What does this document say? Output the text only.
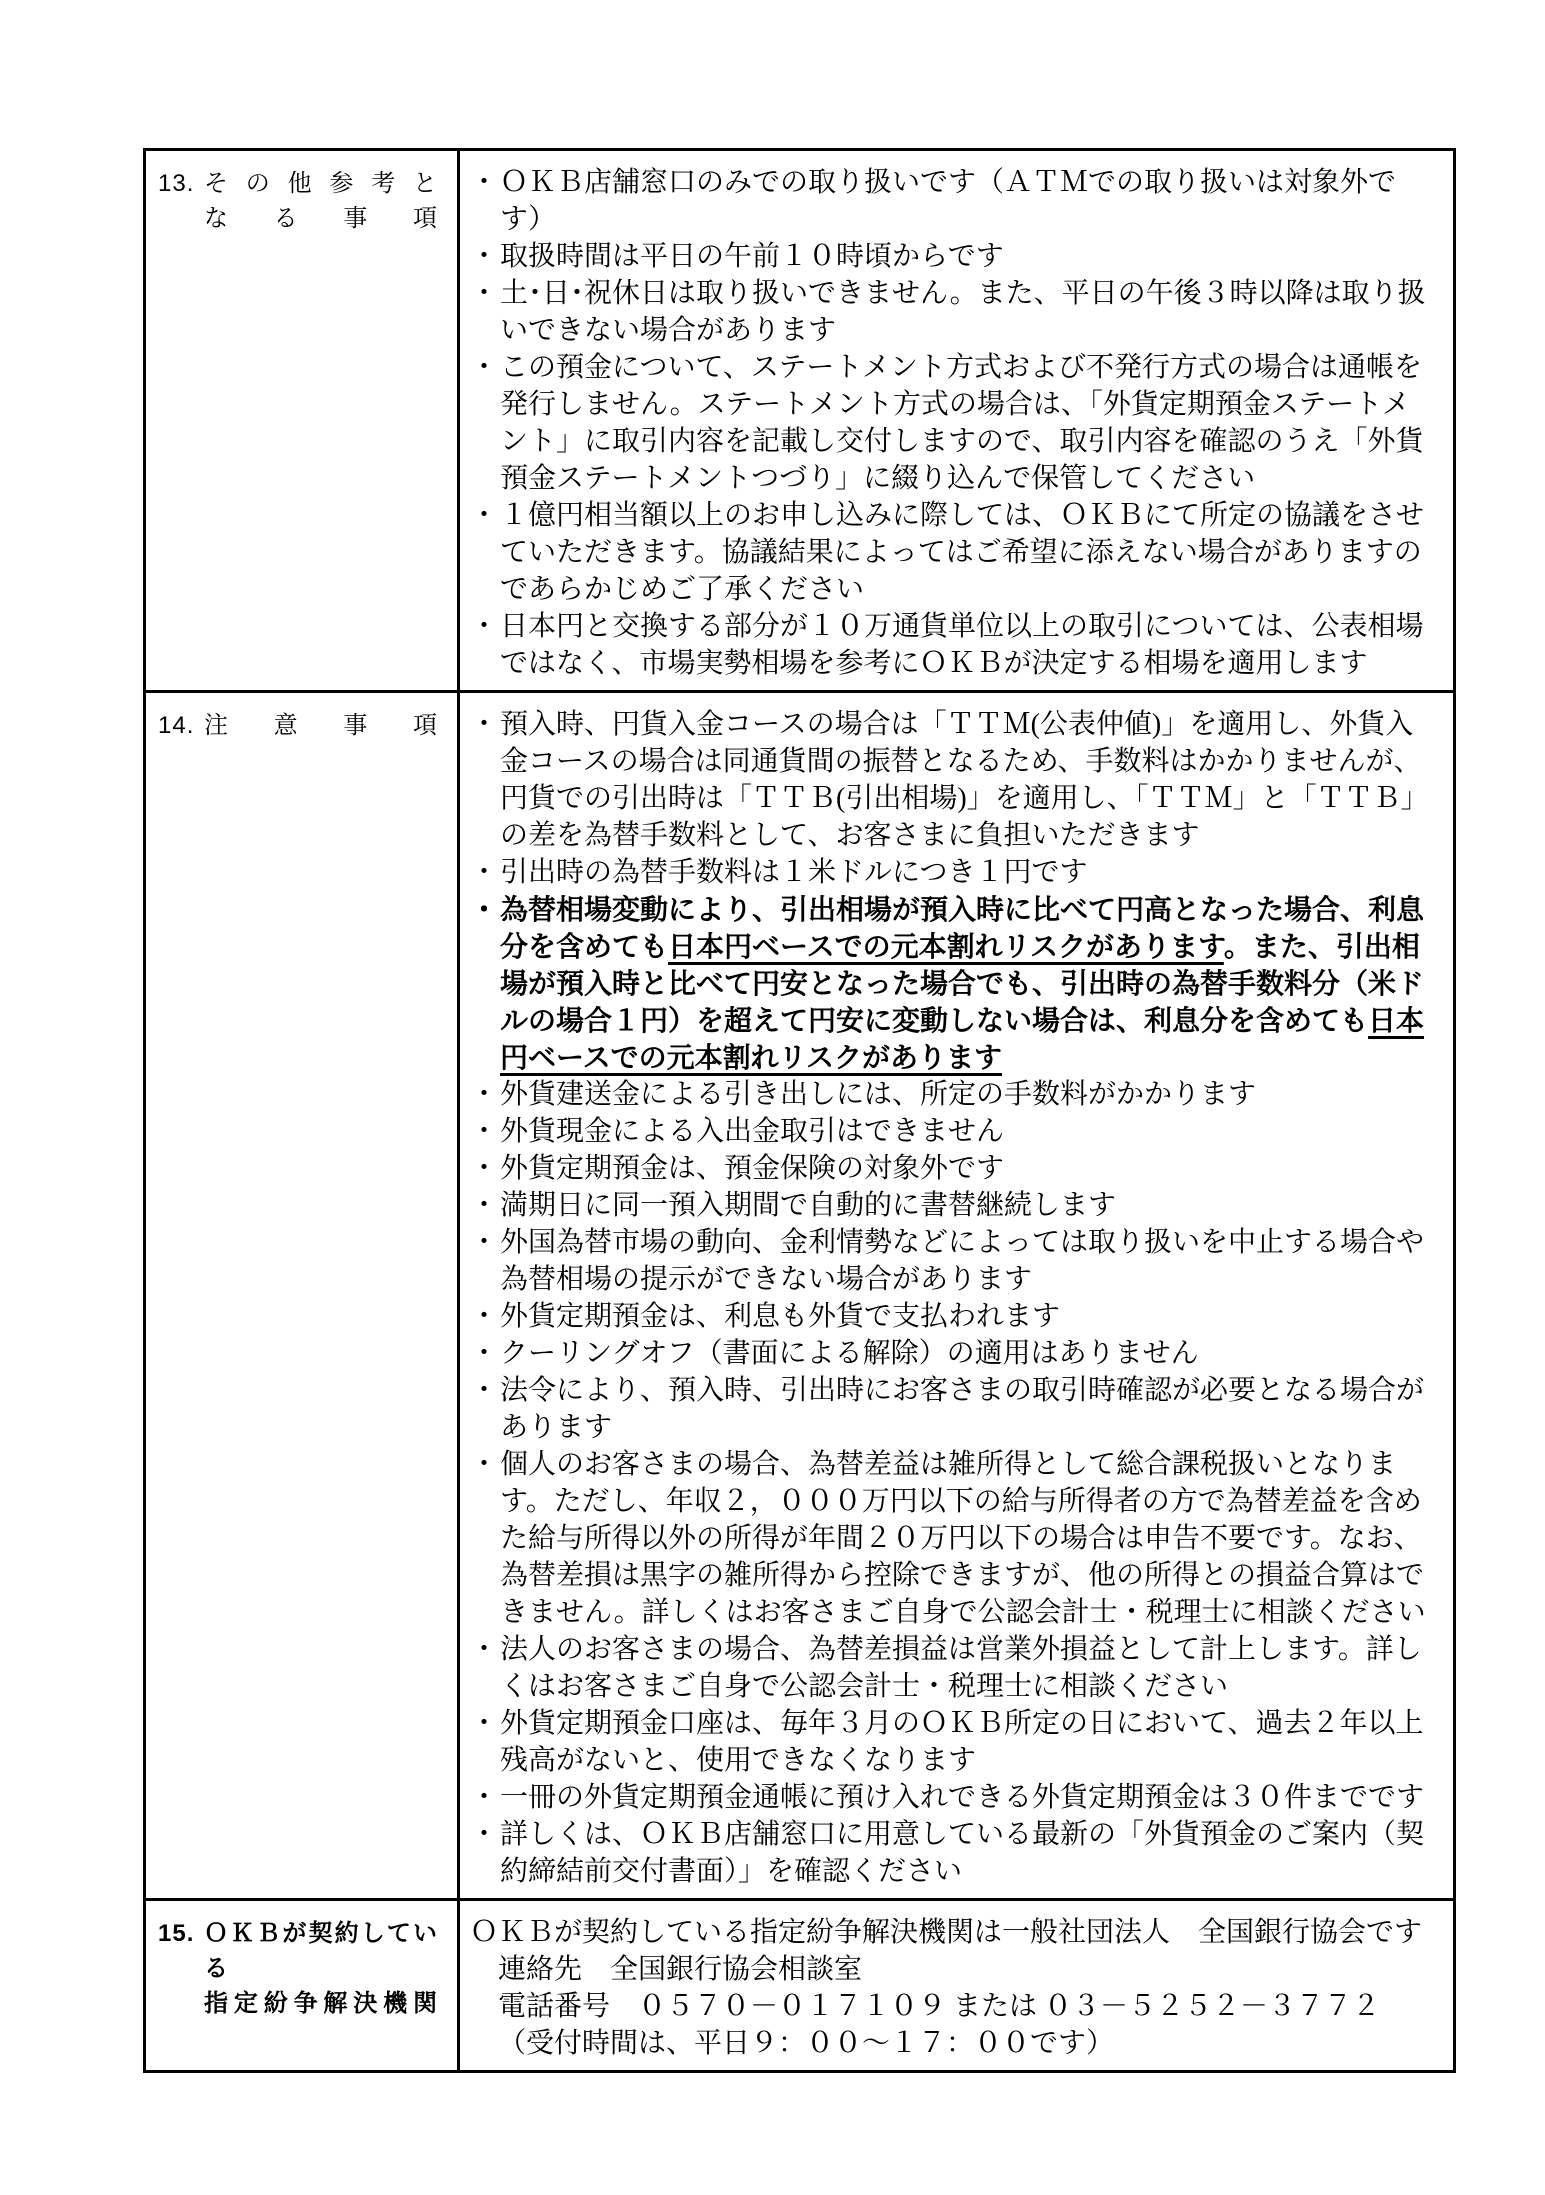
13. その他参考と
なる事項
・ ＯＫＢ店舗窓口のみでの取り扱いです（ＡＴＭでの取り扱いは対象外です）
・ 取扱時間は平日の午前１０時頃からです
・ 土･日･祝休日は取り扱いできません。また、平日の午後３時以降は取り扱いできない場合があります
・ この預金について、ステートメント方式および不発行方式の場合は通帳を発行しません。ステートメント方式の場合は、「外貨定期預金ステートメント」に取引内容を記載し交付しますので、取引内容を確認のうえ「外貨預金ステートメントつづり」に綴り込んで保管してください
・ １億円相当額以上のお申し込みに際しては、ＯＫＢにて所定の協議をさせていただきます。協議結果によってはご希望に添えない場合がありますのであらかじめご了承ください
・ 日本円と交換する部分が１０万通貨単位以上の取引については、公表相場ではなく、市場実勢相場を参考にＯＫＢが決定する相場を適用します
14. 注意事項 ・ 預入時、円貨入金コースの場合は「ＴＴＭ(公表仲値)」を適用し、外貨入金コースの場合は同通貨間の振替となるため、手数料はかかりませんが、円貨での引出時は「ＴＴＢ(引出相場)」を適用し、「ＴＴＭ」と「ＴＴＢ」の差を為替手数料として、お客さまに負担いただきます
・ 引出時の為替手数料は１米ドルにつき１円です
・ 為替相場変動により、引出相場が預入時に比べて円高となった場合、利息分を含めても日本円ベースでの元本割れリスクがあります。また、引出相場が預入時と比べて円安となった場合でも、引出時の為替手数料分（米ドルの場合１円）を超えて円安に変動しない場合は、利息分を含めても日本円ベースでの元本割れリスクがあります
・ 外貨建送金による引き出しには、所定の手数料がかかります
・ 外貨現金による入出金取引はできません
・ 外貨定期預金は、預金保険の対象外です
・ 満期日に同一預入期間で自動的に書替継続します
・ 外国為替市場の動向、金利情勢などによっては取り扱いを中止する場合や為替相場の提示ができない場合があります
・ 外貨定期預金は、利息も外貨で支払われます
・ クーリングオフ（書面による解除）の適用はありません
・ 法令により、預入時、引出時にお客さまの取引時確認が必要となる場合があります
・ 個人のお客さまの場合、為替差益は雑所得として総合課税扱いとなります。ただし、年収２，０００万円以下の給与所得者の方で為替差益を含めた給与所得以外の所得が年間２０万円以下の場合は申告不要です。なお、為替差損は黒字の雑所得から控除できますが、他の所得との損益合算はできません。詳しくはお客さまご自身で公認会計士・税理士に相談ください
・ 法人のお客さまの場合、為替差損益は営業外損益として計上します。詳しくはお客さまご自身で公認会計士・税理士に相談ください
・ 外貨定期預金口座は、毎年３月のＯＫＢ所定の日において、過去２年以上残高がないと、使用できなくなります
・ 一冊の外貨定期預金通帳に預け入れできる外貨定期預金は３０件までです
・ 詳しくは、ＯＫＢ店舗窓口に用意している最新の「外貨預金のご案内（契約締結前交付書面）」を確認ください
15. ＯＫＢが契約している
指定紛争解決機関
ＯＫＢが契約している指定紛争解決機関は一般社団法人　全国銀行協会です
連絡先　全国銀行協会相談室
電話番号　０５７０－０１７１０９ または ０３－５２５２－３７７２
（受付時間は、平日９：００～１７：００です）
